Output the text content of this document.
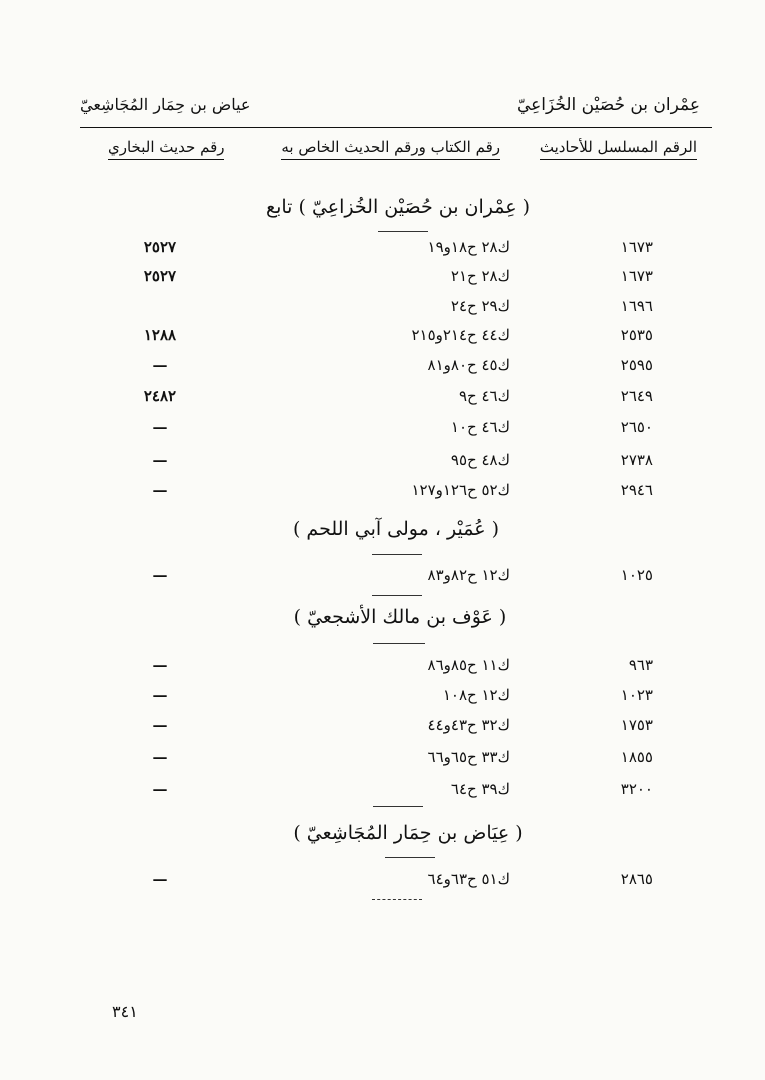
عِمْران بن حُصَيْن الخُزَاعِيّ
عياض بن حِمَار المُجَاشِعيّ
الرقم المسلسل للأحاديث
رقم الكتاب ورقم الحديث الخاص به
رقم حديث البخاري
( عِمْران بن حُصَيْن الخُزاعِيّ ) تابع
١٦٧٣
ك٢٨ ح١٨و١٩
٢٥٢٧
١٦٧٣
ك٢٨ ح٢١
٢٥٢٧
١٦٩٦
ك٢٩ ح٢٤
٢٥٣٥
ك٤٤ ح٢١٤و٢١٥
١٢٨٨
٢٥٩٥
ك٤٥ ح٨٠و٨١
—
٢٦٤٩
ك٤٦ ح٩
٢٤٨٢
٢٦٥٠
ك٤٦ ح١٠
—
٢٧٣٨
ك٤٨ ح٩٥
—
٢٩٤٦
ك٥٢ ح١٢٦و١٢٧
—
( عُمَيْر ، مولى آبي اللحم )
١٠٢٥
ك١٢ ح٨٢و٨٣
—
( عَوْف بن مالك الأشجعيّ )
٩٦٣
ك١١ ح٨٥و٨٦
—
١٠٢٣
ك١٢ ح١٠٨
—
١٧٥٣
ك٣٢ ح٤٣و٤٤
—
١٨٥٥
ك٣٣ ح٦٥و٦٦
—
٣٢٠٠
ك٣٩ ح٦٤
—
( عِيَاض بن حِمَار المُجَاشِعيّ )
٢٨٦٥
ك٥١ ح٦٣و٦٤
—
٣٤١
